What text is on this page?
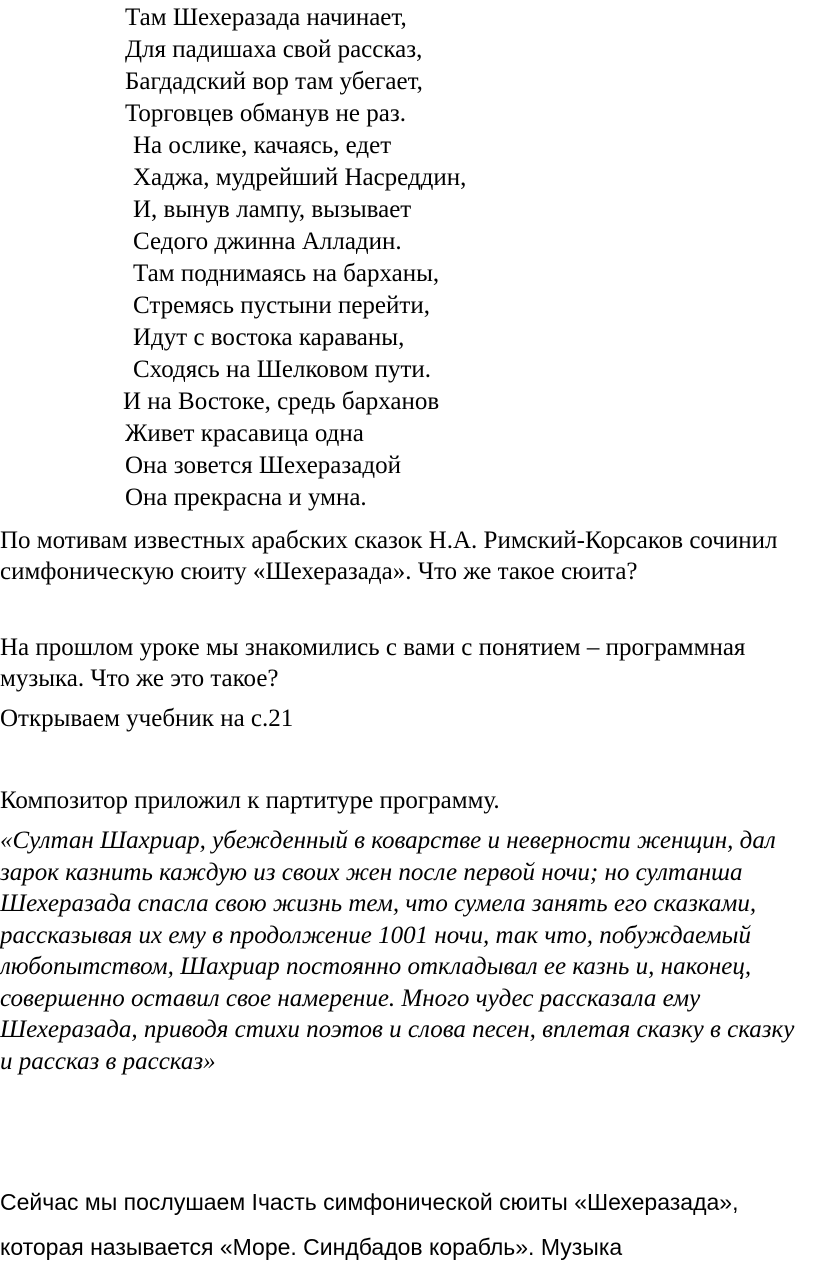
Там Шехеразада начинает,
Для падишаха свой рассказ,
Багдадский вор там убегает,
Торговцев обманув не раз.
На ослике, качаясь, едет
Хаджа, мудрейший Насреддин,
И, вынув лампу, вызывает
Седого джинна Алладин.
Там поднимаясь на барханы,
Стремясь пустыни перейти,
Идут с востока караваны,
Сходясь на Шелковом пути.
И на Востоке, средь барханов
Живет красавица одна
Она зовется Шехеразадой
Она прекрасна и умна.

По мотивам известных арабских сказок Н.А. Римский-Корсаков сочинил симфоническую сюиту «Шехеразада». Что же такое сюита?

На прошлом уроке мы знакомились с вами с понятием – программная музыка. Что же это такое?

Открываем учебник на с.21

Композитор приложил к партитуре программу.

«Султан Шахриар, убежденный в коварстве и неверности женщин, дал зарок казнить каждую из своих жен после первой ночи; но султанша Шехеразада спасла свою жизнь тем, что сумела занять его сказками, рассказывая их ему в продолжение 1001 ночи, так что, побуждаемый любопытством, Шахриар постоянно откладывал ее казнь и, наконец, совершенно оставил свое намерение. Много чудес рассказала ему Шехеразада, приводя стихи поэтов и слова песен, вплетая сказку в сказку и рассказ в рассказ»

Сейчас мы послушаем Iчасть симфонической сюиты «Шехеразада», которая называется «Море. Синдбадов корабль». Музыка
